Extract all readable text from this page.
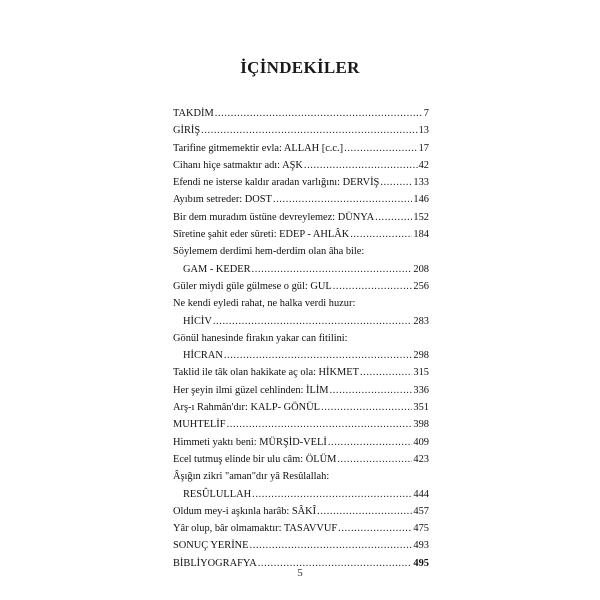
İÇİNDEKİLER
TAKDİM .....	7
GİRİŞ .....	13
Tarifine gitmemektir evla: ALLAH [c.c.] .....	17
Cihanı hiçe satmaktır adı: AŞK .....	42
Efendi ne isterse kaldır aradan varlığını: DERVİŞ .....	133
Ayıbım setreder: DOST .....	146
Bir dem muradım üstüne devreylemez: DÜNYA .....	152
Sîretine şahit eder sûreti: EDEP - AHLÂK .....	184
Söylemem derdimi hem-derdim olan âha bile:
GAM - KEDER .....	208
Güler miydi güle gülmese o gül: GUL .....	256
Ne kendi eyledi rahat, ne halka verdi huzur:
HİCİV .....	283
Gönül hanesinde firakın yakar can fitilini:
HİCRAN .....	298
Taklid ile tâk olan hakikate aç ola: HİKMET .....	315
Her şeyin ilmi güzel cehlinden: İLİM .....	336
Arş-ı Rahmân'dır: KALP- GÖNÜL .....	351
MUHTELİF .....	398
Himmeti yaktı beni: MÜRŞİD-VELİ .....	409
Ecel tutmuş elinde bir ulu câm: ÖLÜM .....	423
Âşığın zikri "aman"dır yâ Resûlallah:
RESÛLULLAH .....	444
Oldum mey-i aşkınla harâb: SÂKÎ .....	457
Yâr olup, bâr olmamaktır: TASAVVUF .....	475
SONUÇ YERİNE .....	493
BİBLİYOGRAFYA .....	495
5
